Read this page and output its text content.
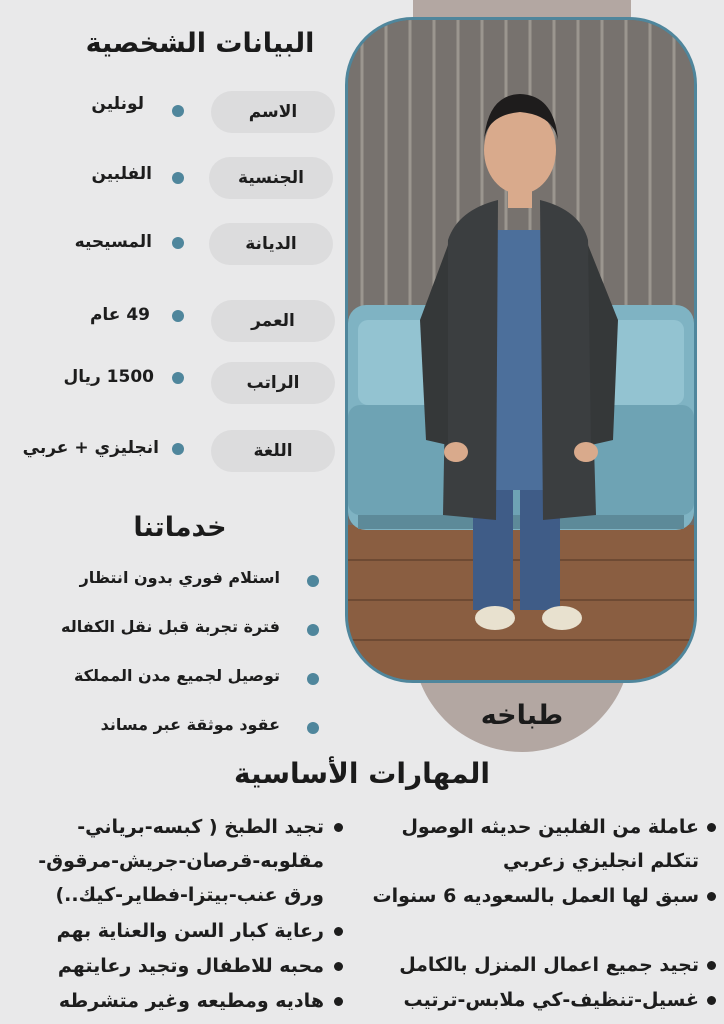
طباخه
البيانات الشخصية
الاسم
لونلين
الجنسية
الفلبين
الديانة
المسيحيه
العمر
49 عام
الراتب
1500 ريال
اللغة
انجليزي + عربي
خدماتنا
استلام فوري بدون انتظار
فترة تجربة قبل نقل الكفاله
توصيل لجميع مدن المملكة
عقود موثقة عبر مساند
المهارات الأساسية
عاملة من الفلبين حديثه الوصول تتكلم انجليزي زعربي
سبق لها العمل بالسعوديه 6 سنوات
تجيد جميع اعمال المنزل بالكامل
غسيل-تنظيف-كي ملابس-ترتيب
تجيد الطبخ ( كبسه-برياني-مقلوبه-قرصان-جريش-مرقوق-ورق عنب-بيتزا-فطاير-كيك..)
رعاية كبار السن والعناية بهم
محبه للاطفال وتجيد رعايتهم
هاديه ومطيعه وغير متشرطه
